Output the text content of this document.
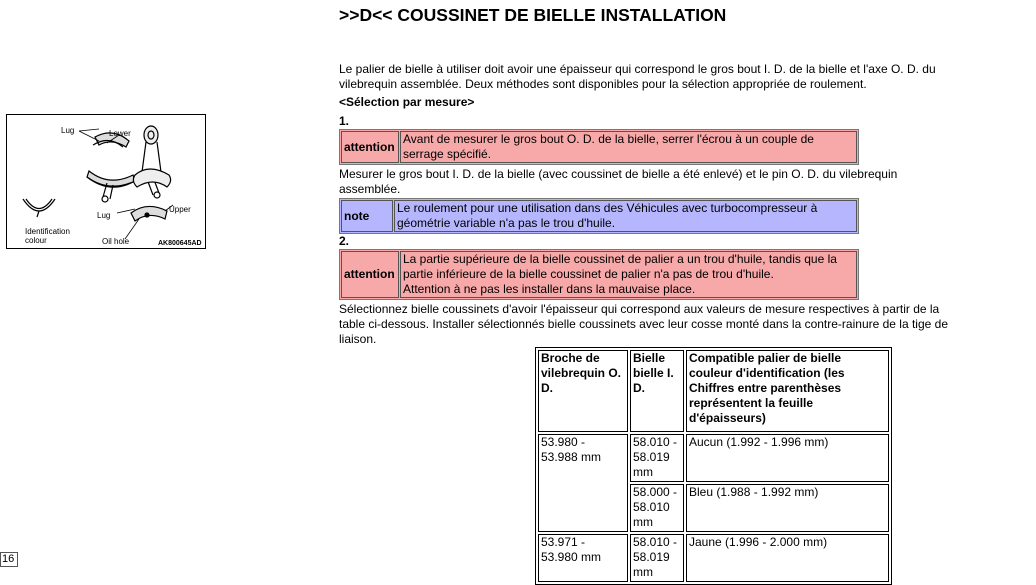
Lug	Lower
Lug
Upper
Identification
colour	Oil hole	AK800645AD
>>D<< COUSSINET DE BIELLE INSTALLATION

Le palier de bielle à utiliser doit avoir une épaisseur qui correspond le gros bout I. D. de la bielle et l'axe O. D. du vilebrequin assemblée. Deux méthodes sont disponibles pour la sélection appropriée de roulement.

<Sélection par mesure>

1.

attention	Avant de mesurer le gros bout O. D. de la bielle, serrer l'écrou à un couple de serrage spécifié.

Mesurer le gros bout I. D. de la bielle (avec coussinet de bielle a été enlevé) et le pin O. D. du vilebrequin assemblée.

note	Le roulement pour une utilisation dans des Véhicules avec turbocompresseur à géométrie variable n'a pas le trou d'huile.

2.

attention	La partie supérieure de la bielle coussinet de palier a un trou d'huile, tandis que la partie inférieure de la bielle coussinet de palier n'a pas de trou d'huile.
Attention à ne pas les installer dans la mauvaise place.

Sélectionnez bielle coussinets d'avoir l'épaisseur qui correspond aux valeurs de mesure respectives à partir de la table ci-dessous. Installer sélectionnés bielle coussinets avec leur cosse monté dans la contre-rainure de la tige de liaison.

Broche de vilebrequin O. D.	Bielle bielle I. D.	Compatible palier de bielle couleur d'identification (les Chiffres entre parenthèses représentent la feuille d'épaisseurs)
53.980 - 53.988 mm	58.010 - 58.019 mm	Aucun (1.992 - 1.996 mm)
	58.000 - 58.010 mm	Bleu (1.988 - 1.992 mm)
53.971 - 53.980 mm	58.010 - 58.019 mm	Jaune (1.996 - 2.000 mm)
16
